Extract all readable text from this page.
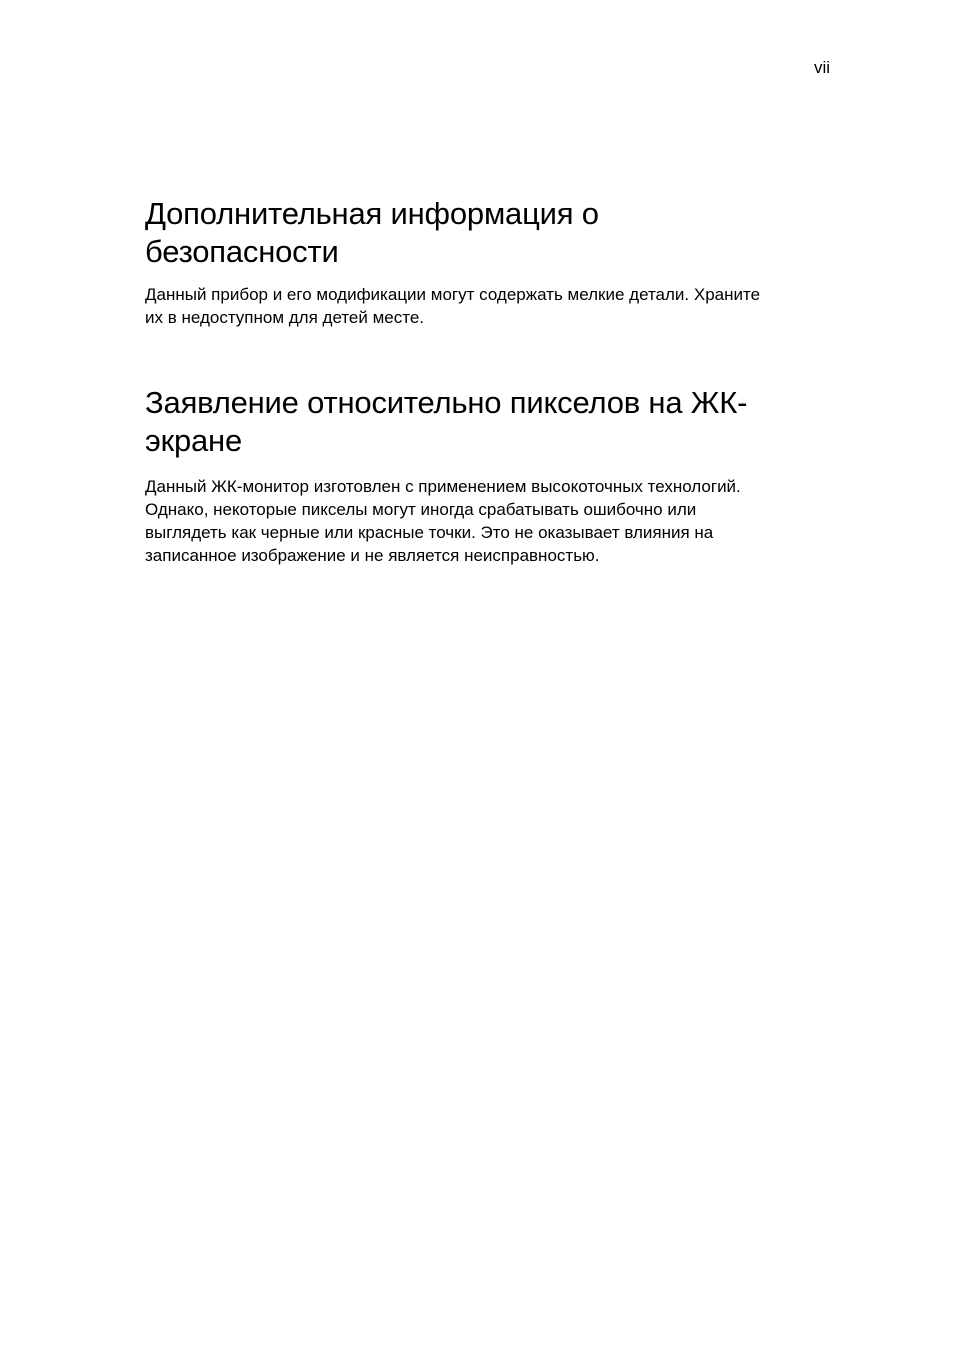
vii
Дополнительная информация о
безопасности

Данный прибор и его модификации могут содержать мелкие детали. Храните
их в недоступном для детей месте.

Заявление относительно пикселов на ЖК-
экране

Данный ЖК-монитор изготовлен с применением высокоточных технологий.
Однако, некоторые пикселы могут иногда срабатывать ошибочно или
выглядеть как черные или красные точки. Это не оказывает влияния на
записанное изображение и не является неисправностью.
